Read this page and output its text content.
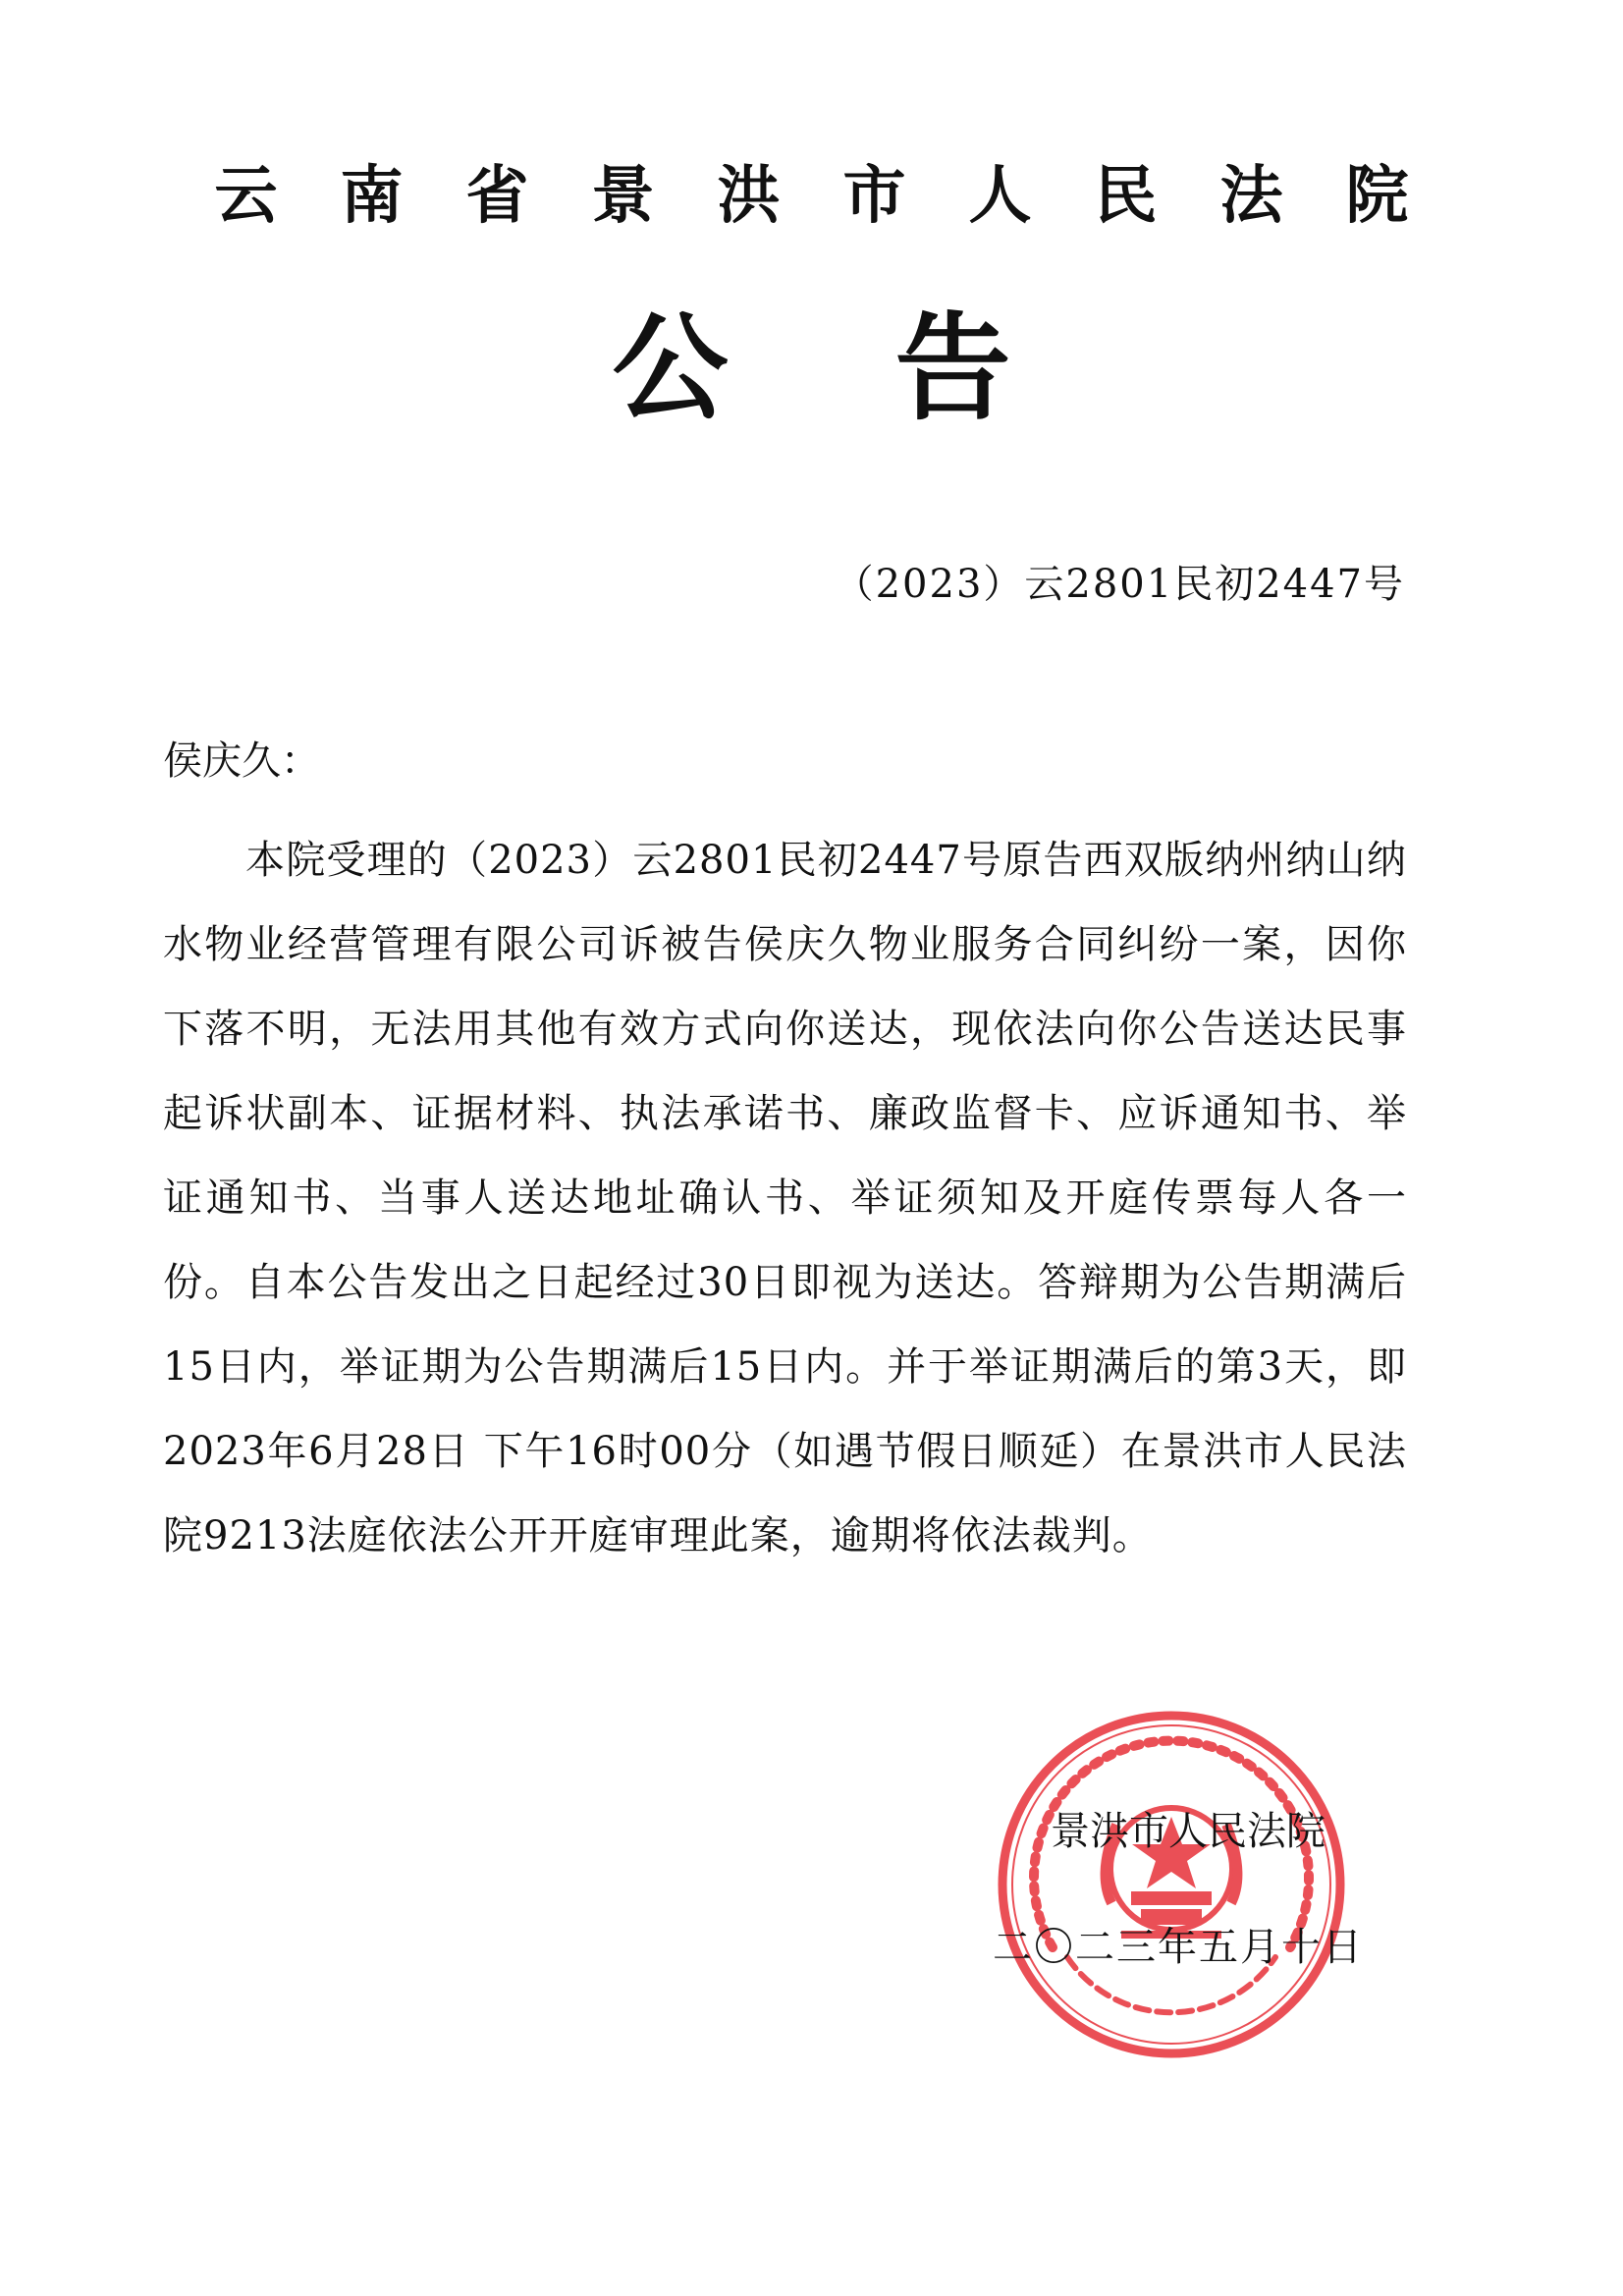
云南省景洪市人民法院
公告
（2023）云2801民初2447号
侯庆久：

本院受理的（2023）云2801民初2447号原告西双版纳州纳山纳水物业经营管理有限公司诉被告侯庆久物业服务合同纠纷一案，因你下落不明，无法用其他有效方式向你送达，现依法向你公告送达民事起诉状副本、证据材料、执法承诺书、廉政监督卡、应诉通知书、举证通知书、当事人送达地址确认书、举证须知及开庭传票每人各一份。自本公告发出之日起经过30日即视为送达。答辩期为公告期满后15日内，举证期为公告期满后15日内。并于举证期满后的第3天，即2023年6月28日 下午16时00分（如遇节假日顺延）在景洪市人民法院9213法庭依法公开开庭审理此案，逾期将依法裁判。

景洪市人民法院
二〇二三年五月十日
